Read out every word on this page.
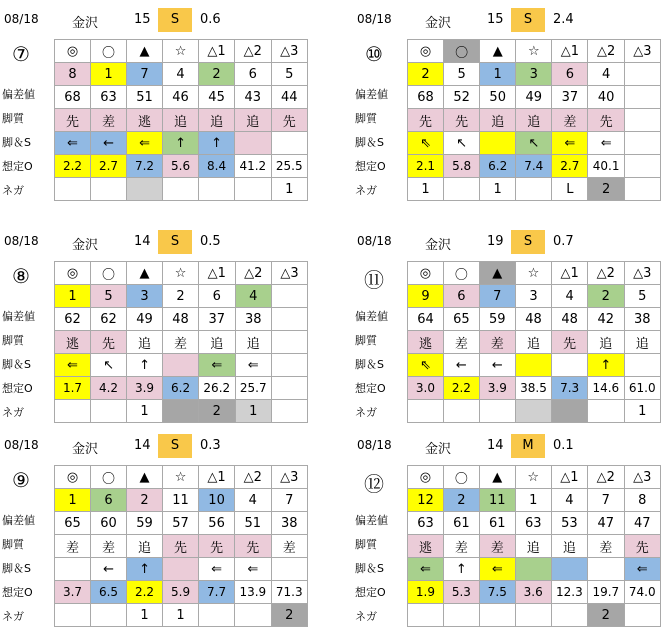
08/18	金沢	15	S	0.6
⑦
偏差値
脚質
脚＆S
想定O
ネガ
◎	〇	▲	☆	△1	△2	△3
8	1	7	4	2	6	5
68	63	51	46	45	43	44
先	差	逃	追	追	追	先
⇐	←	⇐	↑	↑		
2.2	2.7	7.2	5.6	8.4	41.2	25.5
						1
08/18	金沢	15	S	2.4
⑩
偏差値
脚質
脚＆S
想定O
ネガ
◎	〇	▲	☆	△1	△2	△3
2	5	1	3	6	4	
68	52	50	49	37	40	
先	先	追	追	差	先	
⇖	↖		↖	⇐	⇐	
2.1	5.8	6.2	7.4	2.7	40.1	
1		1		L	2	
08/18	金沢	14	S	0.5
⑧
偏差値
脚質
脚＆S
想定O
ネガ
◎	〇	▲	☆	△1	△2	△3
1	5	3	2	6	4	
62	62	49	48	37	38	
逃	先	追	差	追	追	
⇐	↖	↑		⇐	⇐	
1.7	4.2	3.9	6.2	26.2	25.7	
		1		2	1	
08/18	金沢	19	S	0.7
⑪
偏差値
脚質
脚＆S
想定O
ネガ
◎	〇	▲	☆	△1	△2	△3
9	6	7	3	4	2	5
64	65	59	48	48	42	38
逃	差	差	追	先	追	追
⇖	←	←			↑	
3.0	2.2	3.9	38.5	7.3	14.6	61.0
						1
08/18	金沢	14	S	0.3
⑨
偏差値
脚質
脚＆S
想定O
ネガ
◎	〇	▲	☆	△1	△2	△3
1	6	2	11	10	4	7
65	60	59	57	56	51	38
差	差	追	先	先	先	差
	←	↑		⇐	⇐	
3.7	6.5	2.2	5.9	7.7	13.9	71.3
		1	1			2
08/18	金沢	14	M	0.1
⑫
偏差値
脚質
脚＆S
想定O
ネガ
◎	〇	▲	☆	△1	△2	△3
12	2	11	1	4	7	8
63	61	61	63	53	47	47
逃	差	差	追	追	差	先
⇐	↑	⇐				⇐
1.9	5.3	7.5	3.6	12.3	19.7	74.0
					2	
